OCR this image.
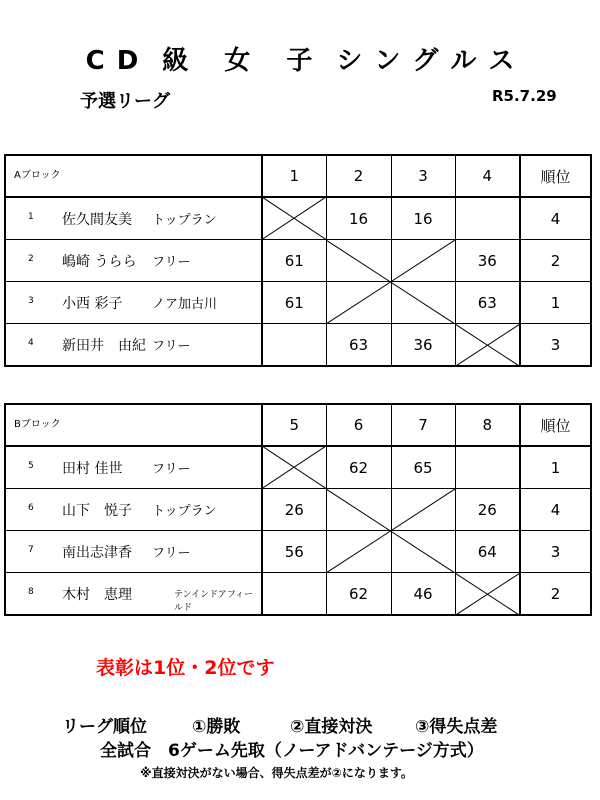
C D 級 女 子 シ ン グ ル ス
予選リーグ	R5.7.29
Aブロック	1	2	3	4	順位

1 佐久間友美 トップラン		16	16		4

2 嶋崎 うらら フリー	61			36	2

3 小西 彩子 ノア加古川	61			63	1

4 新田井　由紀 フリー		63	36		3
Bブロック	5	6	7	8	順位

5 田村 佳世 フリー		62	65		1

6 山下　悦子 トップラン	26			26	4

7 南出志津香 フリー	56			64	3

8 木村　恵理 テンインドアフィールド		62	46		2
表彰は1位・2位です
リーグ順位	①勝敗	②直接対決	③得失点差
全試合　6ゲーム先取（ノーアドバンテージ方式）
※直接対決がない場合、得失点差が②になります。
